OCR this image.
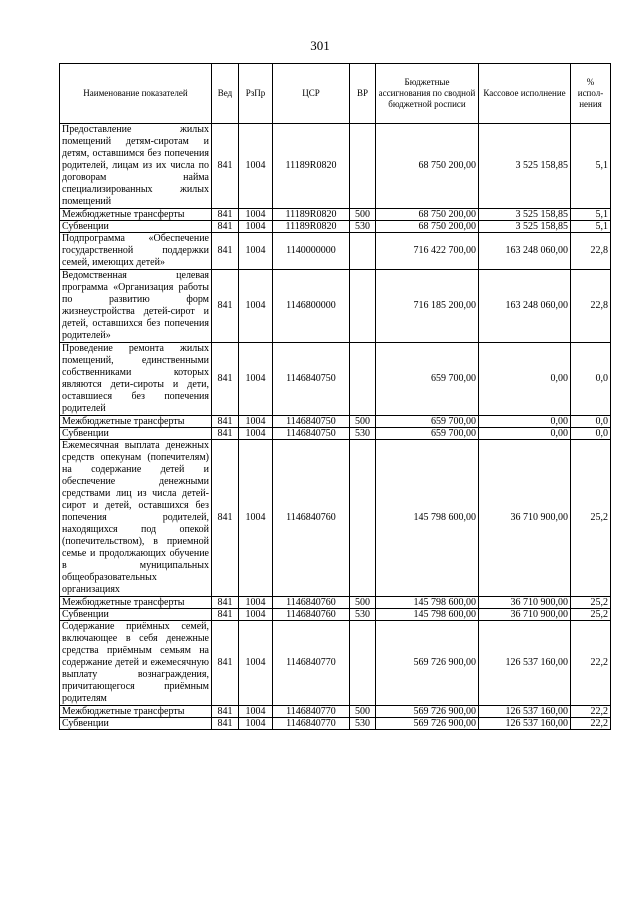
301
Наименование показателей	Вед	РзПр	ЦСР	ВР	Бюджетные ассигнования по сводной бюджетной росписи	Кассовое исполнение	% испол-нения
Предоставление жилых помещений детям-сиротам и детям, оставшимся без попечения родителей, лицам из их числа по договорам найма специализированных жилых помещений	841	1004	11189R0820		68 750 200,00	3 525 158,85	5,1
Межбюджетные трансферты	841	1004	11189R0820	500	68 750 200,00	3 525 158,85	5,1
Субвенции	841	1004	11189R0820	530	68 750 200,00	3 525 158,85	5,1
Подпрограмма «Обеспечение государственной поддержки семей, имеющих детей»	841	1004	1140000000		716 422 700,00	163 248 060,00	22,8
Ведомственная целевая программа «Организация работы по развитию форм жизнеустройства детей-сирот и детей, оставшихся без попечения родителей»	841	1004	1146800000		716 185 200,00	163 248 060,00	22,8
Проведение ремонта жилых помещений, единственными собственниками которых являются дети-сироты и дети, оставшиеся без попечения родителей	841	1004	1146840750		659 700,00	0,00	0,0
Межбюджетные трансферты	841	1004	1146840750	500	659 700,00	0,00	0,0
Субвенции	841	1004	1146840750	530	659 700,00	0,00	0,0
Ежемесячная выплата денежных средств опекунам (попечителям) на содержание детей и обеспечение денежными средствами лиц из числа детей-сирот и детей, оставшихся без попечения родителей, находящихся под опекой (попечительством), в приемной семье и продолжающих обучение в муниципальных общеобразовательных организациях	841	1004	1146840760		145 798 600,00	36 710 900,00	25,2
Межбюджетные трансферты	841	1004	1146840760	500	145 798 600,00	36 710 900,00	25,2
Субвенции	841	1004	1146840760	530	145 798 600,00	36 710 900,00	25,2
Содержание приёмных семей, включающее в себя денежные средства приёмным семьям на содержание детей и ежемесячную выплату вознаграждения, причитающегося приёмным родителям	841	1004	1146840770		569 726 900,00	126 537 160,00	22,2
Межбюджетные трансферты	841	1004	1146840770	500	569 726 900,00	126 537 160,00	22,2
Субвенции	841	1004	1146840770	530	569 726 900,00	126 537 160,00	22,2
